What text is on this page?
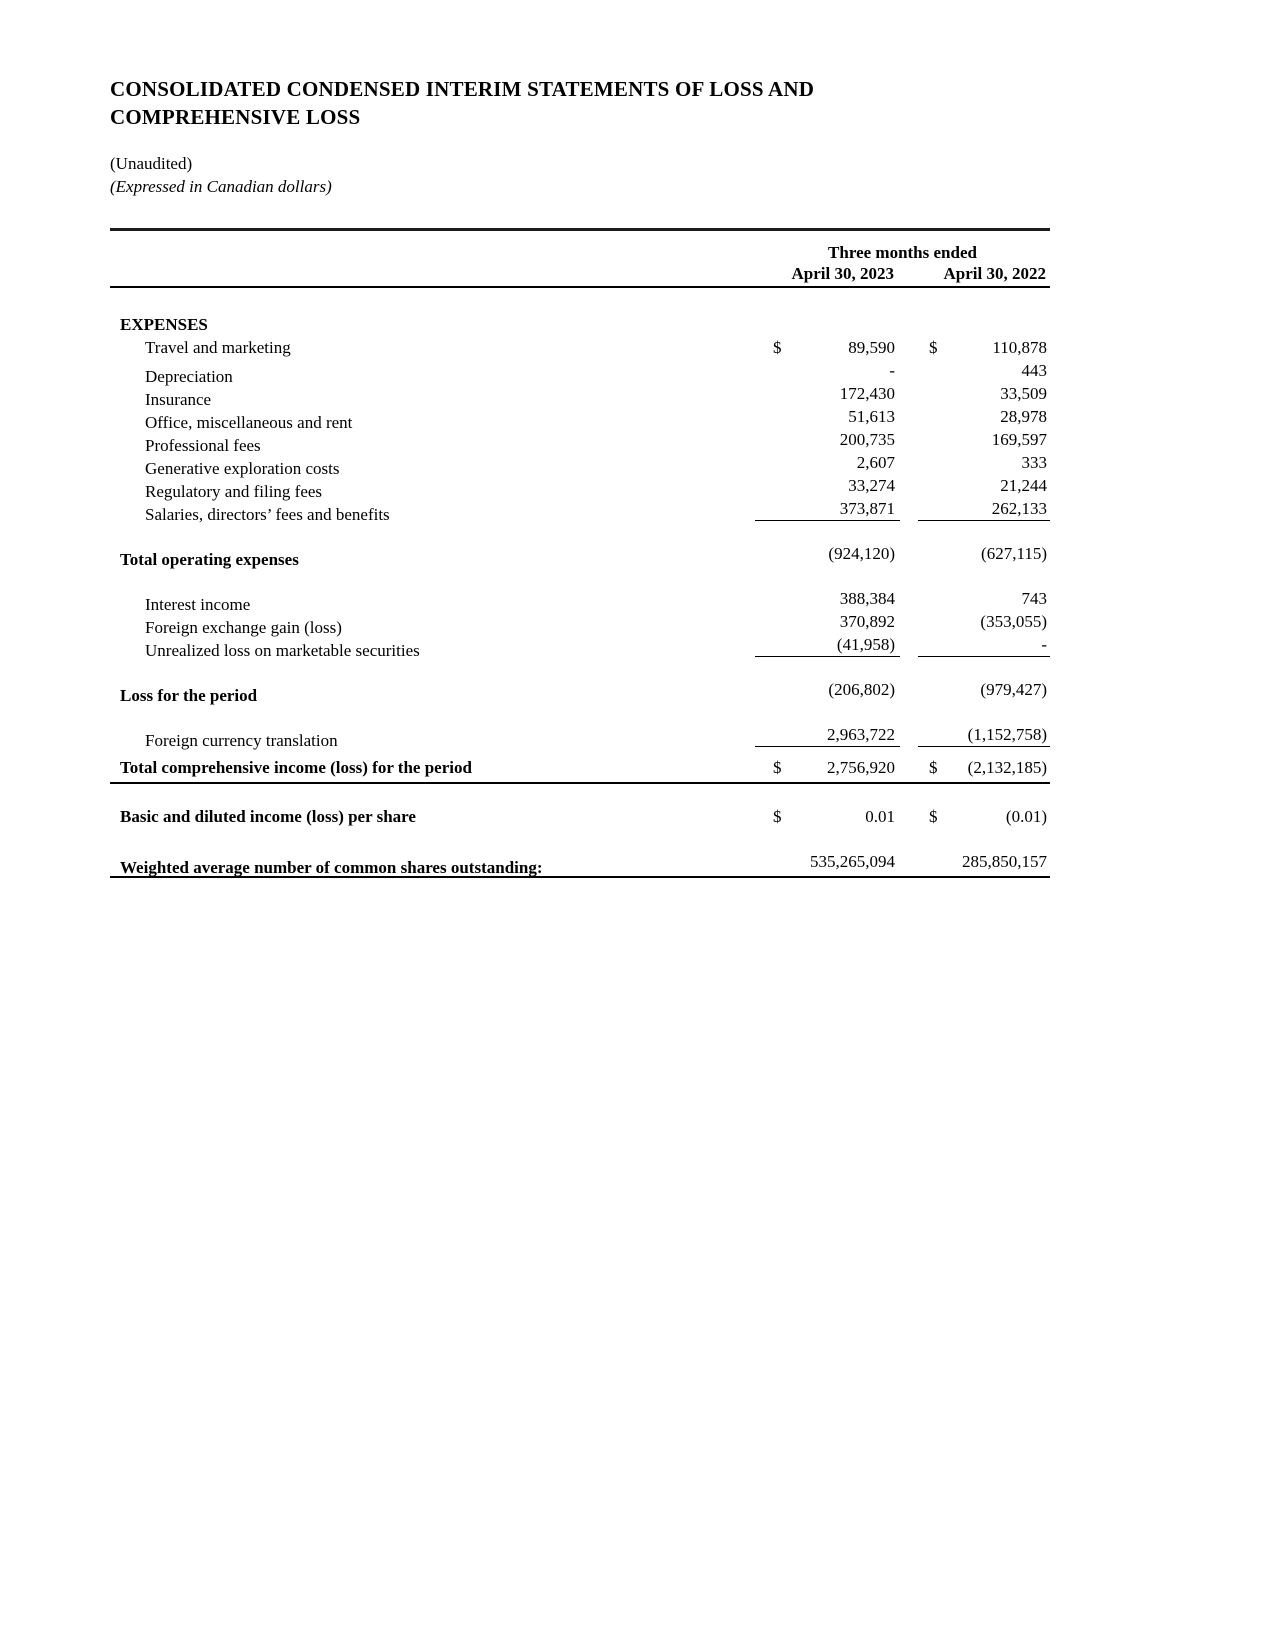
CONSOLIDATED CONDENSED INTERIM STATEMENTS OF LOSS AND COMPREHENSIVE LOSS
(Unaudited)
(Expressed in Canadian dollars)
Three months ended
April 30, 2023	April 30, 2022
EXPENSES
Travel and marketing	$	89,590	$	110,878
Depreciation	-	443
Insurance	172,430	33,509
Office, miscellaneous and rent	51,613	28,978
Professional fees	200,735	169,597
Generative exploration costs	2,607	333
Regulatory and filing fees	33,274	21,244
Salaries, directors’ fees and benefits	373,871	262,133
Total operating expenses	(924,120)	(627,115)
Interest income	388,384	743
Foreign exchange gain (loss)	370,892	(353,055)
Unrealized loss on marketable securities	(41,958)	-
Loss for the period	(206,802)	(979,427)
Foreign currency translation	2,963,722	(1,152,758)
Total comprehensive income (loss) for the period	$	2,756,920	$ (2,132,185)
Basic and diluted income (loss) per share	$	0.01	$	(0.01)
Weighted average number of common shares outstanding:	535,265,094	285,850,157
